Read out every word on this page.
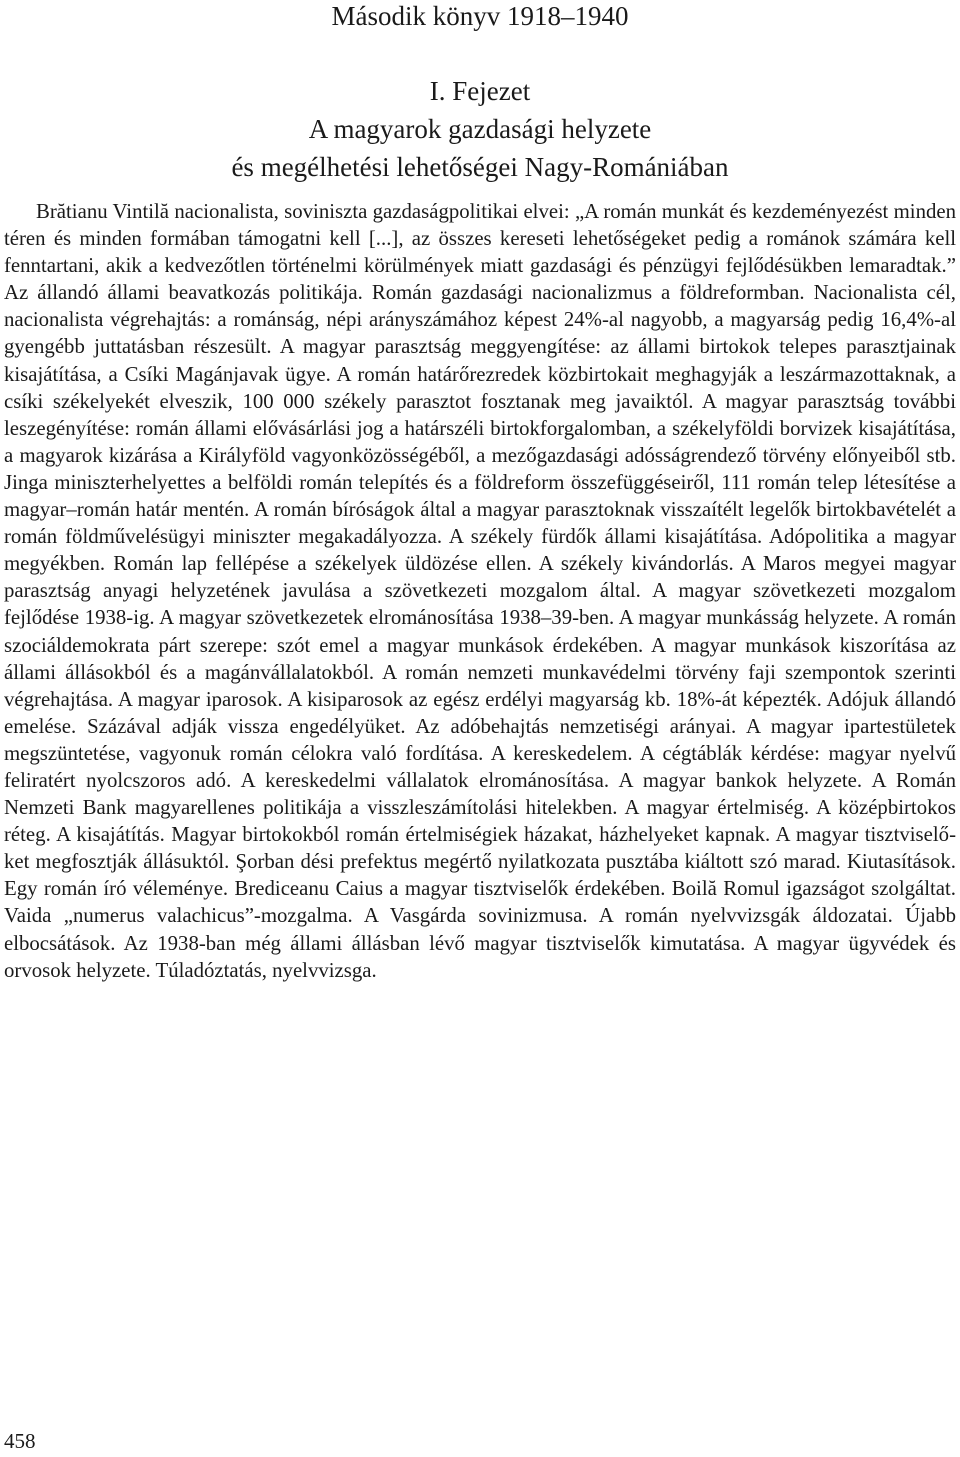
Második könyv 1918–1940
I. Fejezet
A magyarok gazdasági helyzete
és megélhetési lehetőségei Nagy-Romániában

Brătianu Vintilă nacionalista, soviniszta gazdaságpolitikai elvei: „A román munkát és kezdeményezést minden téren és minden formában támogatni kell [...], az összes kereseti lehetőségeket pedig a románok számára kell fenntartani, akik a kedvezőtlen történelmi körülmények miatt gazdasági és pénzügyi fejlődésükben lemaradtak.” Az állandó állami beavatkozás politikája. Román gazdasági nacionalizmus a földreformban. Nacionalista cél, nacionalista végrehajtás: a románság, népi arányszámához képest 24%-al nagyobb, a magyarság pedig 16,4%-al gyengébb juttatásban részesült. A magyar parasztság meggyengítése: az állami birtokok telepes parasztjainak kisajátítása, a Csíki Magánjavak ügye. A román határőrezredek közbirtokait meghagyják a leszármazottaknak, a csíki székelyekét elveszik, 100 000 székely parasztot fosztanak meg javaiktól. A magyar parasztság további leszegényítése: román állami elővásárlási jog a határszéli birtokforgalomban, a székelyföldi borvizek kisajátítása, a magyarok kizárása a Királyföld vagyonközösségéből, a mezőgazdasági adósságrendező törvény előnyeiből stb. Jinga miniszterhelyettes a belföldi román telepítés és a földreform összefüggéseiről, 111 román telep létesítése a magyar–román határ mentén. A román bíróságok által a magyar parasztoknak visszaítélt legelők birtokbavételét a román földművelésügyi miniszter megakadályozza. A székely fürdők állami kisajátítása. Adópolitika a magyar megyékben. Román lap fellépése a székelyek üldözése ellen. A székely kivándorlás. A Maros megyei magyar parasztság anyagi helyzetének javulása a szövetkezeti mozgalom által. A magyar szövetkezeti mozgalom fejlődése 1938-ig. A magyar szövetkezetek elrománosítása 1938–39-ben. A magyar munkásság helyzete. A román szociáldemokrata párt szerepe: szót emel a magyar munkások érdekében. A magyar munkások kiszorítása az állami állásokból és a magánvállalatokból. A román nemzeti munkavédelmi törvény faji szempontok szerinti végrehajtása. A magyar iparosok. A kisiparosok az egész erdélyi magyarság kb. 18%-át képezték. Adójuk állandó emelése. Százával adják vissza engedélyüket. Az adóbehajtás nemzetiségi arányai. A magyar ipartestületek megszüntetése, vagyonuk román célokra való fordítása. A kereskedelem. A cégtáblák kérdése: magyar nyelvű feliratért nyolcszoros adó. A kereskedelmi vállalatok elrománosítása. A magyar bankok helyzete. A Román Nemzeti Bank magyarellenes politikája a visszleszámítolási hitelekben. A magyar értelmiség. A középbirtokos réteg. A kisajátítás. Magyar birtokokból román értelmiségiek házakat, házhelyeket kapnak. A magyar tisztviselőket megfosztják állásuktól. Şorban dési prefektus megértő nyilatkozata pusztába kiáltott szó marad. Kiutasítások. Egy román író véleménye. Brediceanu Caius a magyar tisztviselők érdekében. Boilă Romul igazságot szolgáltat. Vaida „numerus valachicus”-mozgalma. A Vasgárda sovinizmusa. A román nyelvvizsgák áldozatai. Újabb elbocsátások. Az 1938-ban még állami állásban lévő magyar tisztviselők kimutatása. A magyar ügyvédek és orvosok helyzete. Túladóztatás, nyelvvizsga.

458
